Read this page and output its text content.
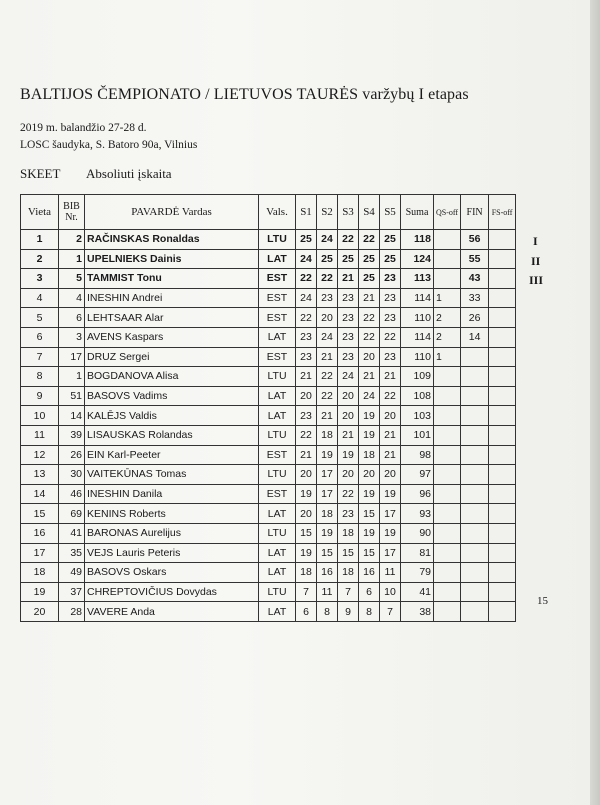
BALTIJOS ČEMPIONATO / LIETUVOS TAURĖS varžybų I etapas
2019 m. balandžio 27-28 d.
LOSC šaudyka, S. Batoro 90a, Vilnius
SKEET Absoliuti įskaita
Vieta	BIB Nr.	PAVARDĖ Vardas	Vals.	S1	S2	S3	S4	S5	Suma	QS-off	FIN	FS-off
1	2	RAČINSKAS Ronaldas	LTU	25	24	22	22	25	118		56	
2	1	UPELNIEKS Dainis	LAT	24	25	25	25	25	124		55	
3	5	TAMMIST Tonu	EST	22	22	21	25	23	113		43	
4	4	INESHIN Andrei	EST	24	23	23	21	23	114	1	33	
5	6	LEHTSAAR Alar	EST	22	20	23	22	23	110	2	26	
6	3	AVENS Kaspars	LAT	23	24	23	22	22	114	2	14	
7	17	DRUZ Sergei	EST	23	21	23	20	23	110	1		
8	1	BOGDANOVA Alisa	LTU	21	22	24	21	21	109			
9	51	BASOVS Vadims	LAT	20	22	20	24	22	108			
10	14	KALĒJS Valdis	LAT	23	21	20	19	20	103			
11	39	LISAUSKAS Rolandas	LTU	22	18	21	19	21	101			
12	26	EIN Karl-Peeter	EST	21	19	19	18	21	98			
13	30	VAITEKŪNAS Tomas	LTU	20	17	20	20	20	97			
14	46	INESHIN Danila	EST	19	17	22	19	19	96			
15	69	KENINS Roberts	LAT	20	18	23	15	17	93			
16	41	BARONAS Aurelijus	LTU	15	19	18	19	19	90			
17	35	VEJS Lauris Peteris	LAT	19	15	15	15	17	81			
18	49	BASOVS Oskars	LAT	18	16	18	16	11	79			
19	37	CHREPTOVIČIUS Dovydas	LTU	7	11	7	6	10	41			
20	28	VAVERE Anda	LAT	6	8	9	8	7	38			
I
II
III
15
